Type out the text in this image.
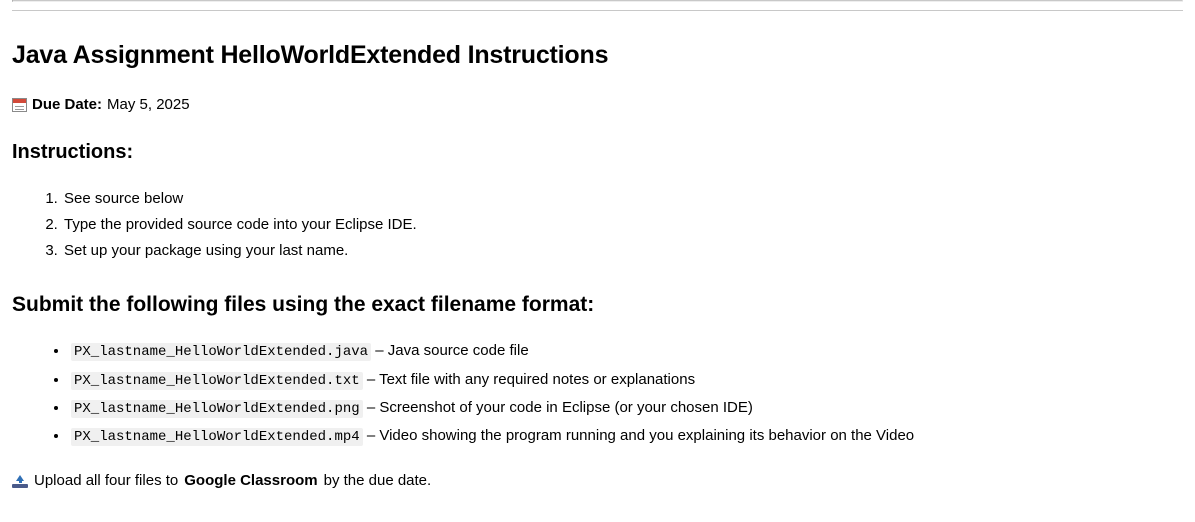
Java Assignment HelloWorldExtended Instructions
Due Date: May 5, 2025
Instructions:
1. See source below
2. Type the provided source code into your Eclipse IDE.
3. Set up your package using your last name.
Submit the following files using the exact filename format:
• PX_lastname_HelloWorldExtended.java – Java source code file
• PX_lastname_HelloWorldExtended.txt – Text file with any required notes or explanations
• PX_lastname_HelloWorldExtended.png – Screenshot of your code in Eclipse (or your chosen IDE)
• PX_lastname_HelloWorldExtended.mp4 – Video showing the program running and you explaining its behavior on the Video
Upload all four files to Google Classroom by the due date.
